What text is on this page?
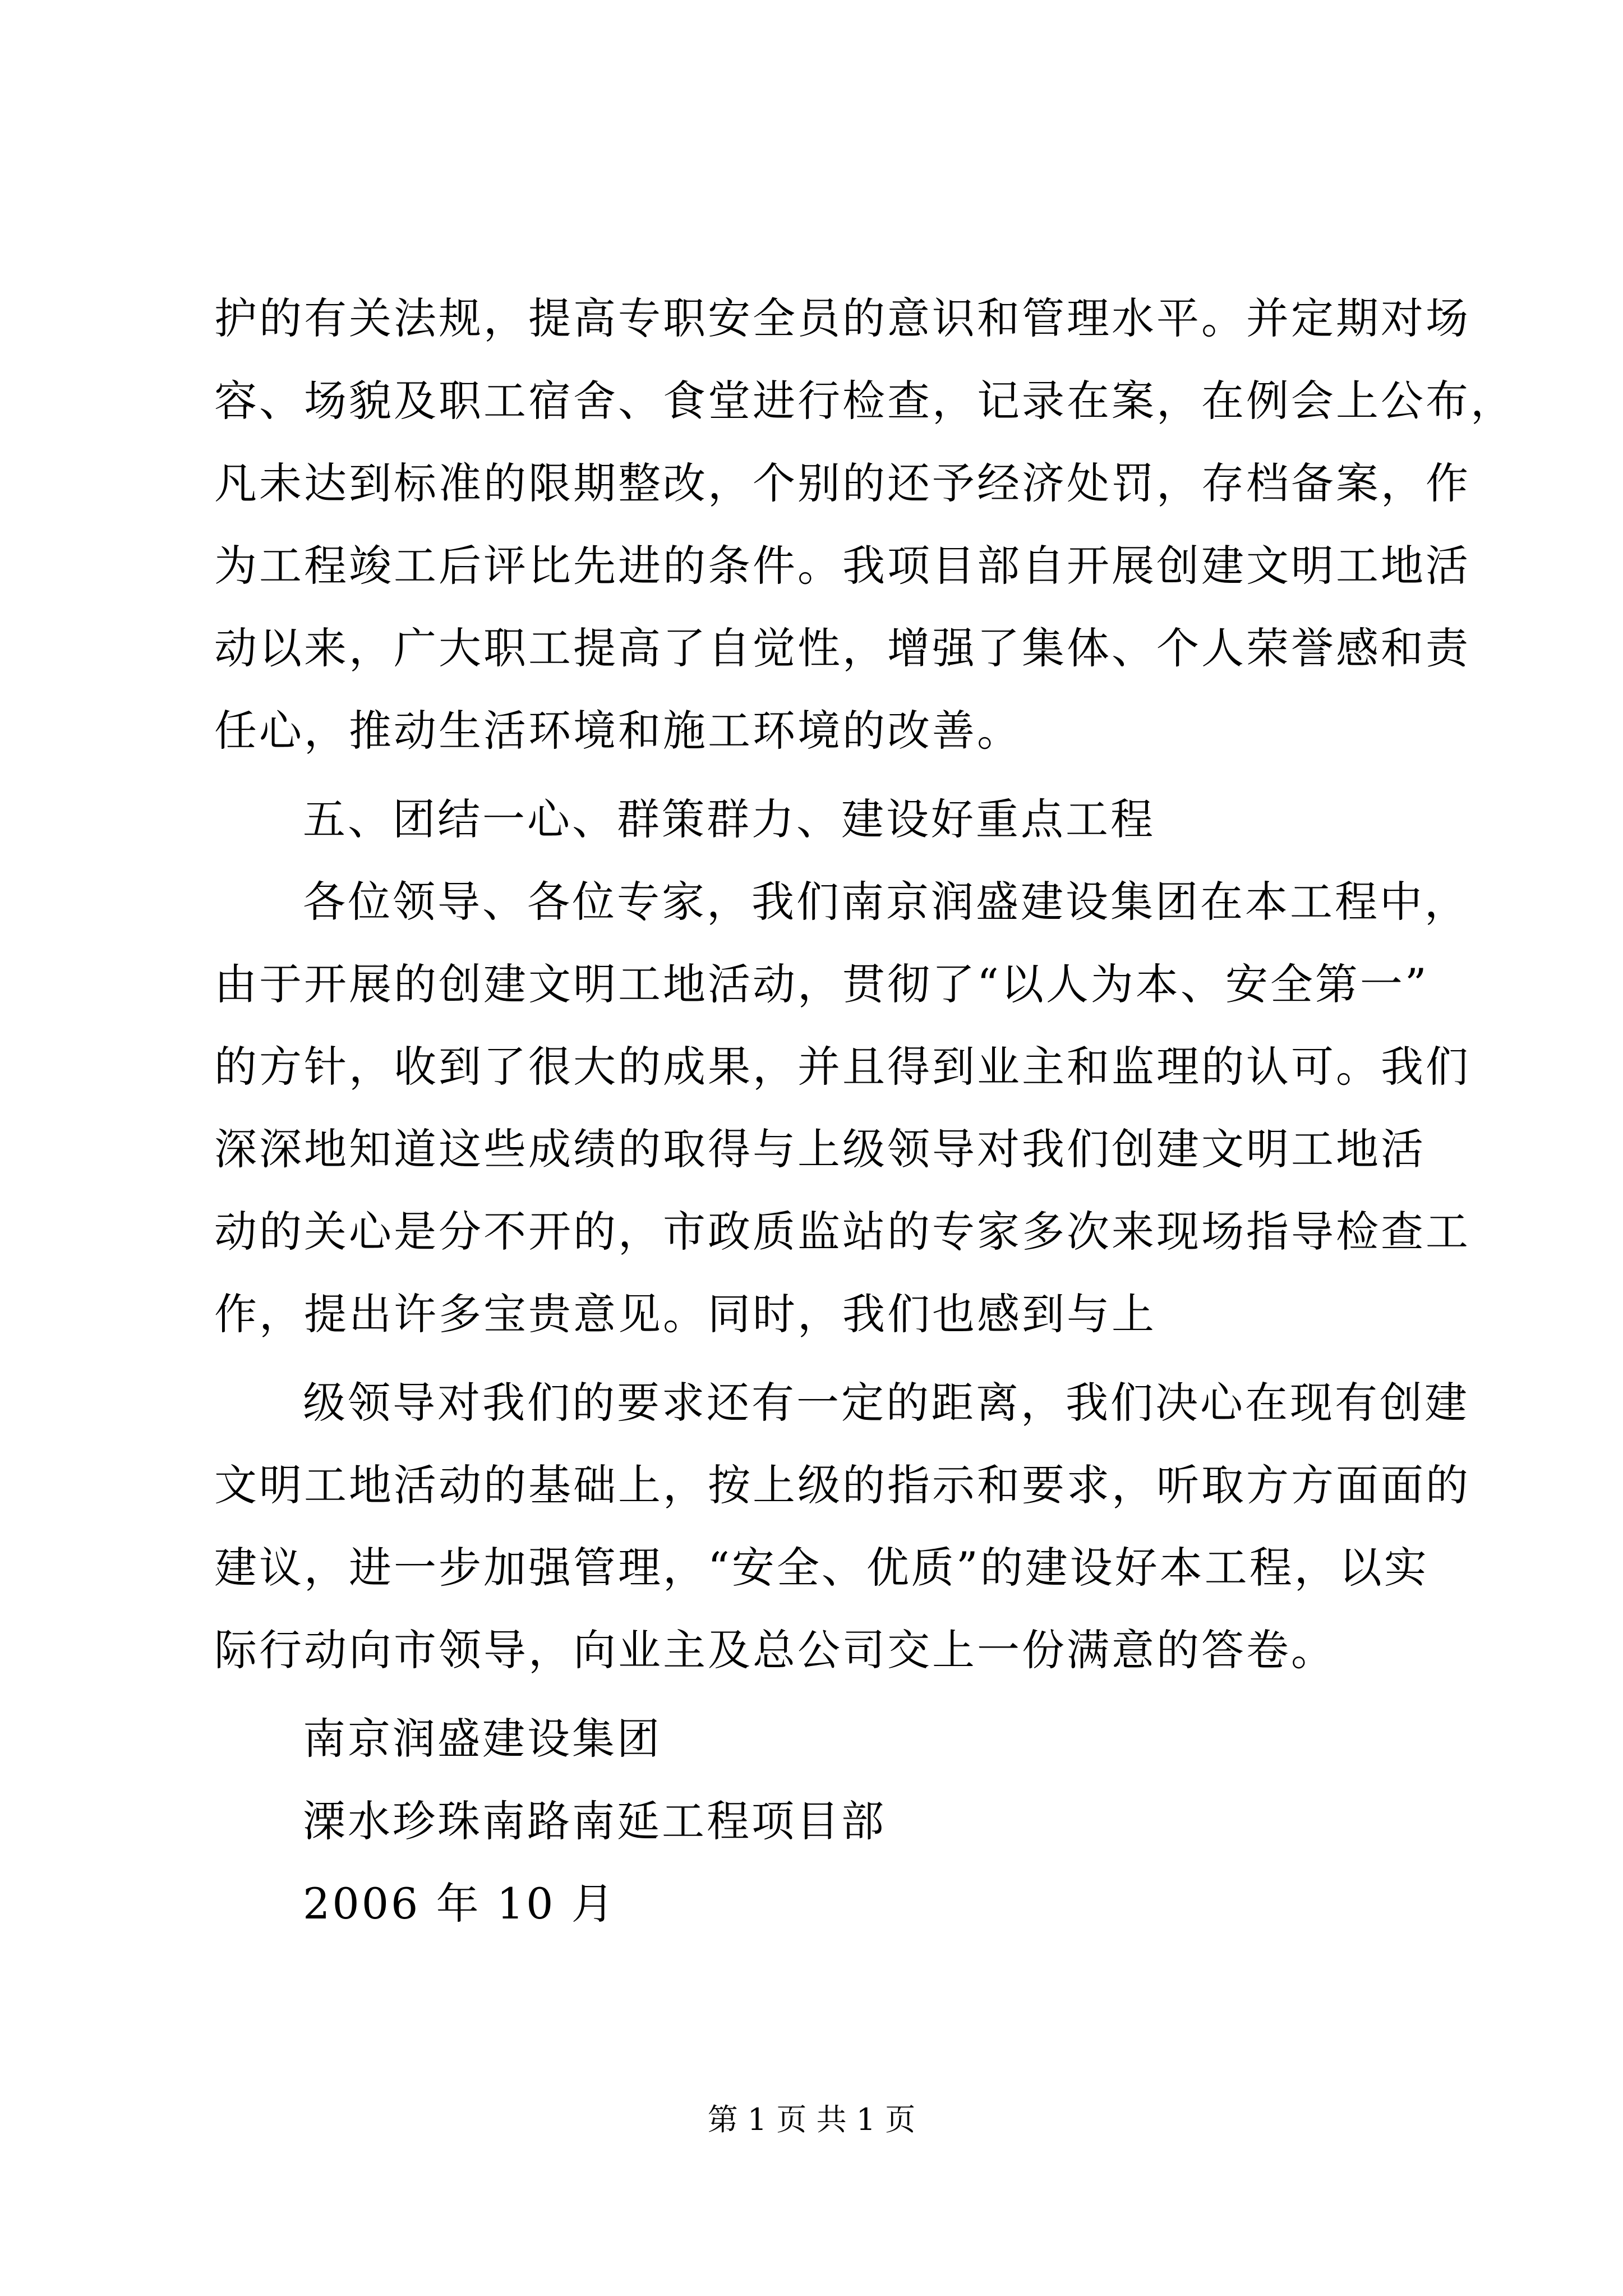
护的有关法规，提高专职安全员的意识和管理水平。并定期对场
容、场貌及职工宿舍、食堂进行检查，记录在案，在例会上公布，
凡未达到标准的限期整改，个别的还予经济处罚，存档备案，作
为工程竣工后评比先进的条件。我项目部自开展创建文明工地活
动以来，广大职工提高了自觉性，增强了集体、个人荣誉感和责
任心，推动生活环境和施工环境的改善。
五、团结一心、群策群力、建设好重点工程
各位领导、各位专家，我们南京润盛建设集团在本工程中，
由于开展的创建文明工地活动，贯彻了“以人为本、安全第一”
的方针，收到了很大的成果，并且得到业主和监理的认可。我们
深深地知道这些成绩的取得与上级领导对我们创建文明工地活
动的关心是分不开的，市政质监站的专家多次来现场指导检查工
作，提出许多宝贵意见。同时，我们也感到与上
级领导对我们的要求还有一定的距离，我们决心在现有创建
文明工地活动的基础上，按上级的指示和要求，听取方方面面的
建议，进一步加强管理，“安全、优质”的建设好本工程，以实
际行动向市领导，向业主及总公司交上一份满意的答卷。
南京润盛建设集团
溧水珍珠南路南延工程项目部
2006 年 10 月
第 1 页 共 1 页
